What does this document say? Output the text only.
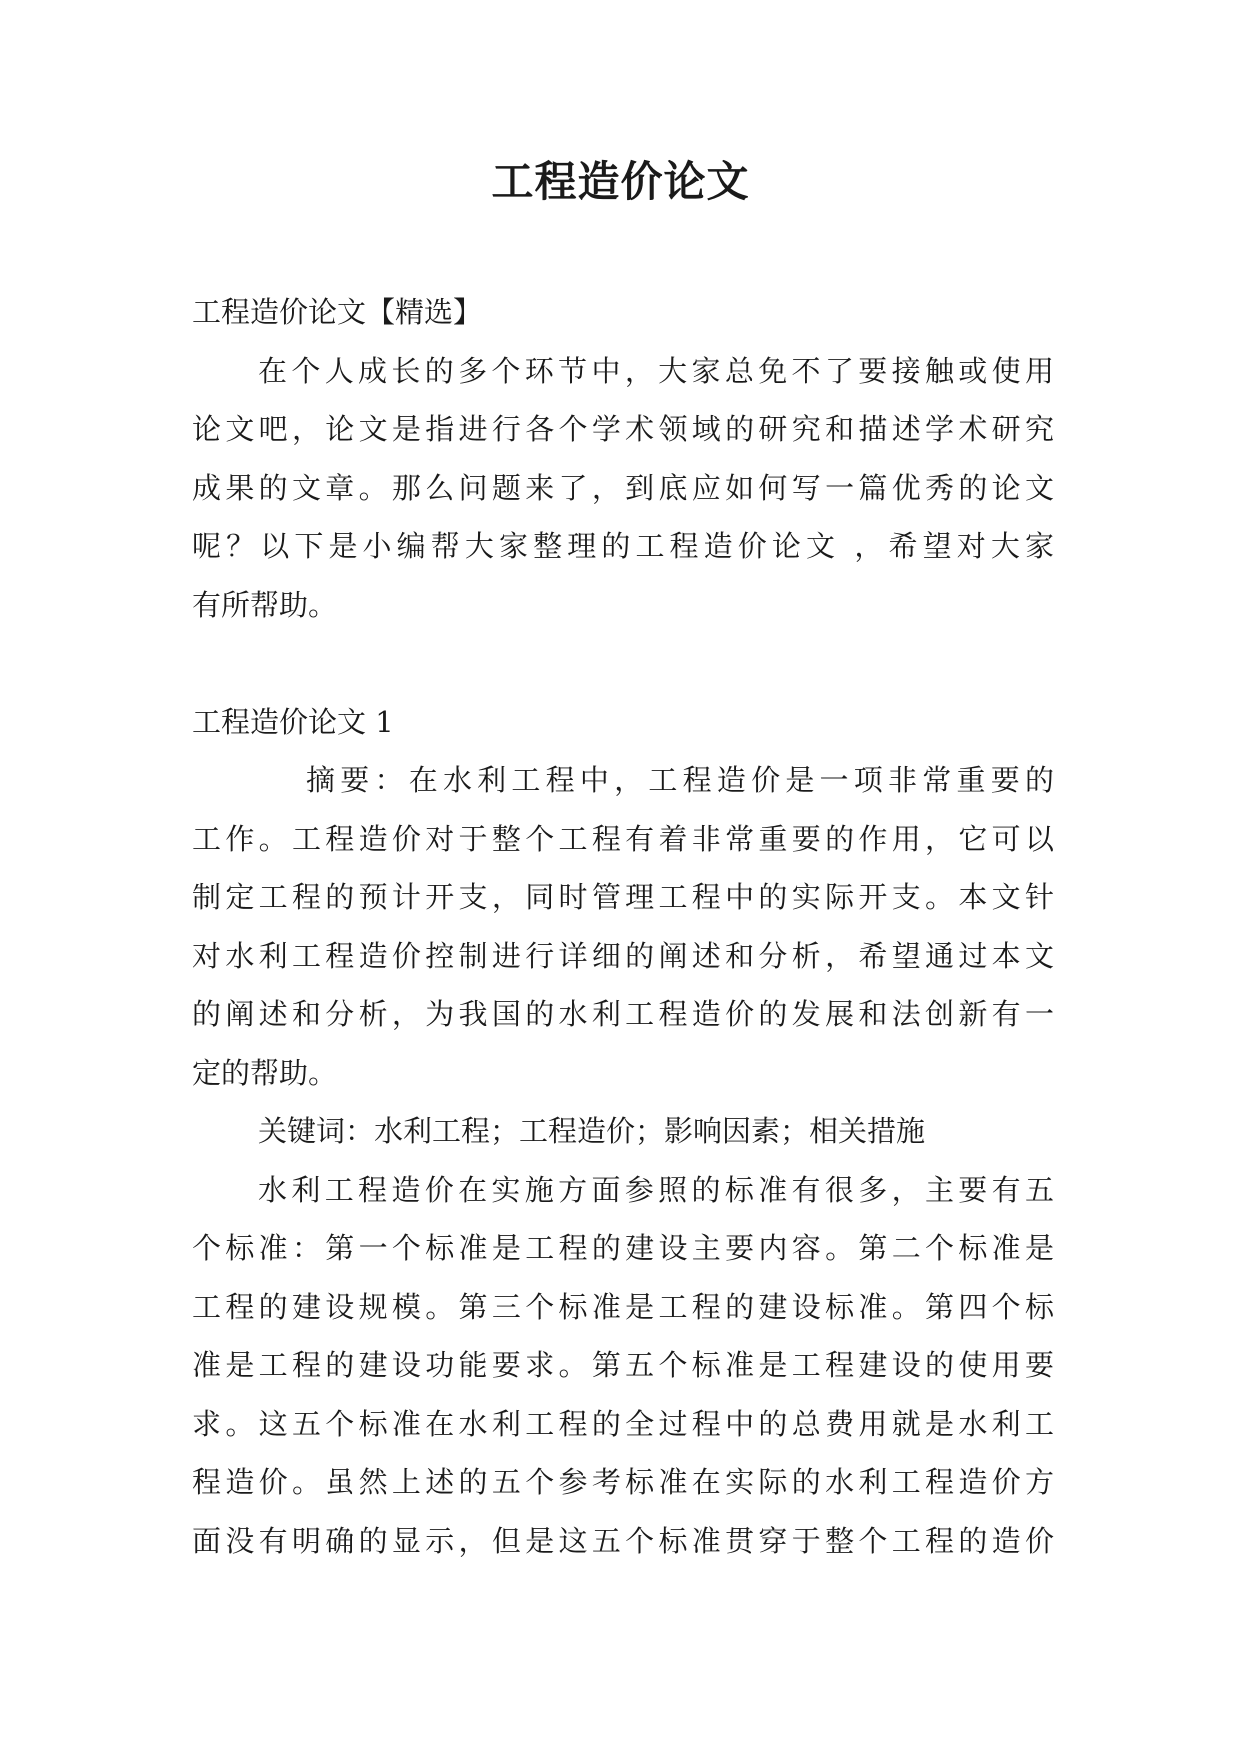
工程造价论文
工程造价论文【精选】
在个人成长的多个环节中，大家总免不了要接触或使用
论文吧，论文是指进行各个学术领域的研究和描述学术研究
成果的文章。那么问题来了，到底应如何写一篇优秀的论文
呢？以下是小编帮大家整理的工程造价论文 ，希望对大家
有所帮助。
工程造价论文 1
摘要：在水利工程中，工程造价是一项非常重要的
工作。工程造价对于整个工程有着非常重要的作用，它可以
制定工程的预计开支，同时管理工程中的实际开支。本文针
对水利工程造价控制进行详细的阐述和分析，希望通过本文
的阐述和分析，为我国的水利工程造价的发展和法创新有一
定的帮助。
关键词：水利工程；工程造价；影响因素；相关措施
水利工程造价在实施方面参照的标准有很多，主要有五
个标准：第一个标准是工程的建设主要内容。第二个标准是
工程的建设规模。第三个标准是工程的建设标准。第四个标
准是工程的建设功能要求。第五个标准是工程建设的使用要
求。这五个标准在水利工程的全过程中的总费用就是水利工
程造价。虽然上述的五个参考标准在实际的水利工程造价方
面没有明确的显示，但是这五个标准贯穿于整个工程的造价
